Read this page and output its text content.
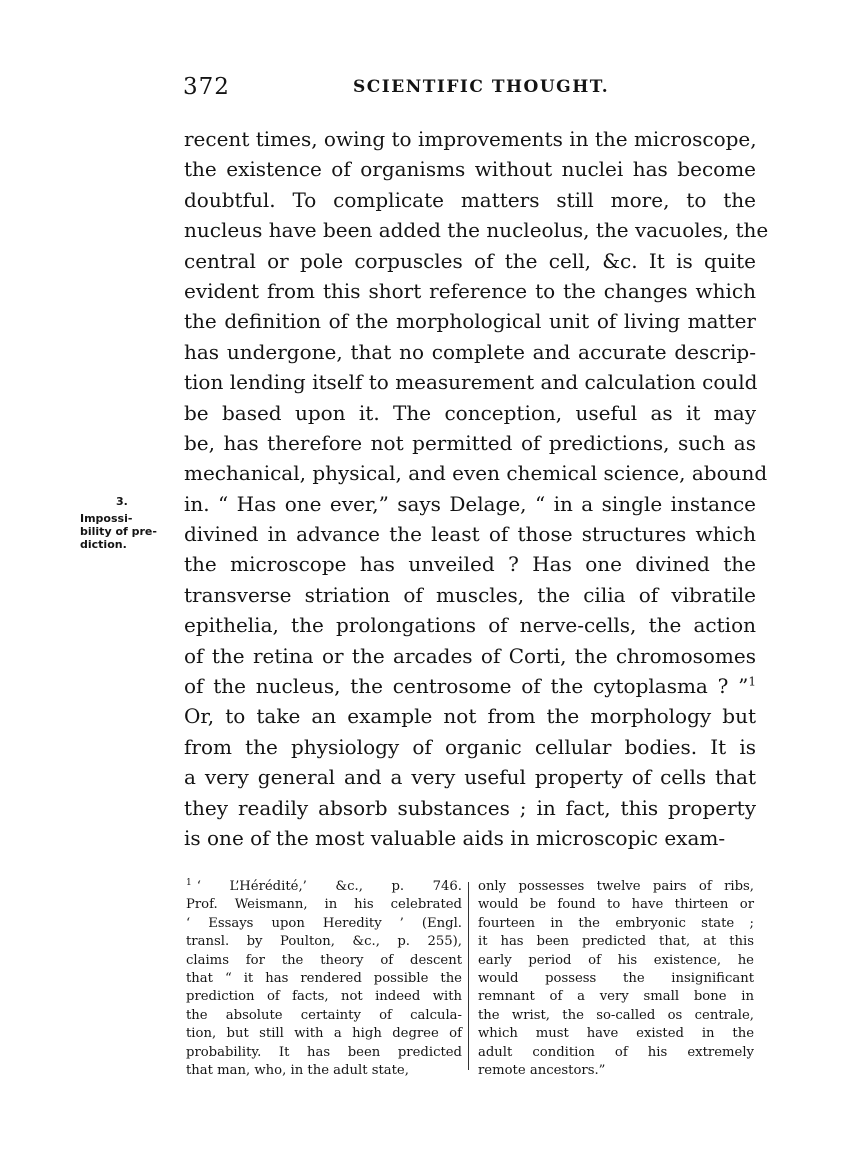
372	SCIENTIFIC THOUGHT.
3.
Impossi-
bility of pre-
diction.
recent times, owing to improvements in the microscope,
the existence of organisms without nuclei has become
doubtful. To complicate matters still more, to the
nucleus have been added the nucleolus, the vacuoles, the
central or pole corpuscles of the cell, &c. It is quite
evident from this short reference to the changes which
the definition of the morphological unit of living matter
has undergone, that no complete and accurate descrip-
tion lending itself to measurement and calculation could
be based upon it. The conception, useful as it may
be, has therefore not permitted of predictions, such as
mechanical, physical, and even chemical science, abound
in. “ Has one ever,” says Delage, “ in a single instance
divined in advance the least of those structures which
the microscope has unveiled ? Has one divined the
transverse striation of muscles, the cilia of vibratile
epithelia, the prolongations of nerve-cells, the action
of the retina or the arcades of Corti, the chromosomes
of the nucleus, the centrosome of the cytoplasma ? ”$^1$
Or, to take an example not from the morphology but
from the physiology of organic cellular bodies. It is
a very general and a very useful property of cells that
they readily absorb substances ; in fact, this property
is one of the most valuable aids in microscopic exam-
$^1$ ‘ L’Hérédité,’ &c., p. 746.
Prof. Weismann, in his celebrated
‘ Essays upon Heredity ’ (Engl.
transl. by Poulton, &c., p. 255),
claims for the theory of descent
that “ it has rendered possible the
prediction of facts, not indeed with
the absolute certainty of calcula-
tion, but still with a high degree of
probability. It has been predicted
that man, who, in the adult state,
only possesses twelve pairs of ribs,
would be found to have thirteen or
fourteen in the embryonic state ;
it has been predicted that, at this
early period of his existence, he
would possess the insignificant
remnant of a very small bone in
the wrist, the so-called os centrale,
which must have existed in the
adult condition of his extremely
remote ancestors.”
